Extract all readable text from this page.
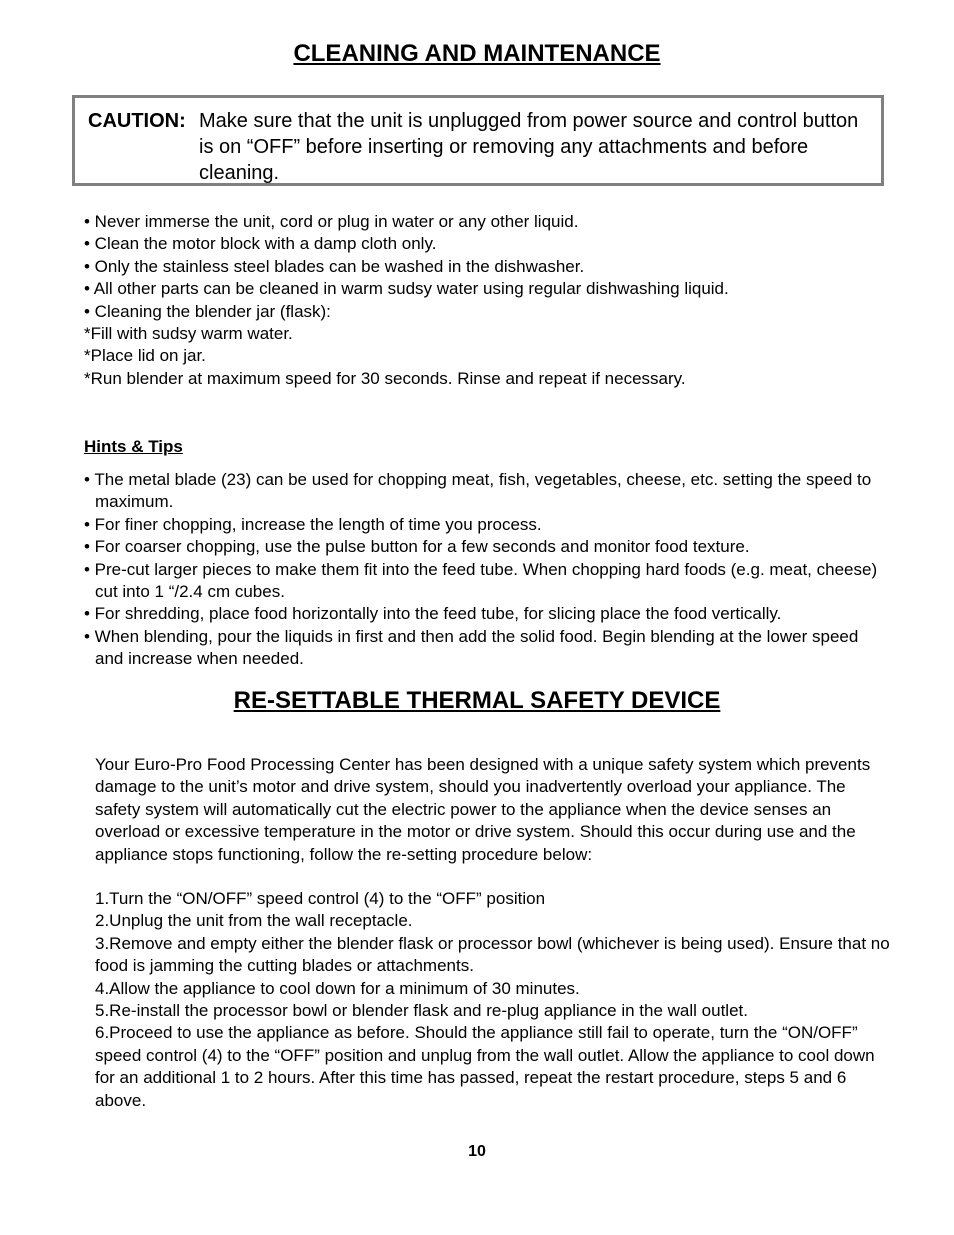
CLEANING AND MAINTENANCE
CAUTION: Make sure that the unit is unplugged from power source and control button is on “OFF” before inserting or removing any attachments and before cleaning.
• Never immerse the unit, cord or plug in water or any other liquid.
• Clean the motor block with a damp cloth only.
• Only the stainless steel blades can be washed in the dishwasher.
• All other parts can be cleaned in warm sudsy water using regular dishwashing liquid.
• Cleaning the blender jar (flask):
*Fill with sudsy warm water.
*Place lid on jar.
*Run blender at maximum speed for 30 seconds. Rinse and repeat if necessary.
Hints & Tips
• The metal blade (23) can be used for chopping meat, fish, vegetables, cheese, etc. setting the speed to maximum.
• For finer chopping, increase the length of time you process.
• For coarser chopping, use the pulse button for a few seconds and monitor food texture.
• Pre-cut larger pieces to make them fit into the feed tube. When chopping hard foods (e.g. meat, cheese) cut into 1 “/2.4 cm cubes.
• For shredding, place food horizontally into the feed tube, for slicing place the food vertically.
• When blending, pour the liquids in first and then add the solid food. Begin blending at the lower speed and increase when needed.
RE-SETTABLE THERMAL SAFETY DEVICE
Your Euro-Pro Food Processing Center has been designed with a unique safety system which prevents damage to the unit’s motor and drive system, should you inadvertently overload your appliance. The safety system will automatically cut the electric power to the appliance when the device senses an overload or excessive temperature in the motor or drive system. Should this occur during use and the appliance stops functioning, follow the re-setting procedure below:
1.Turn the “ON/OFF” speed control (4) to the “OFF” position
2.Unplug the unit from the wall receptacle.
3.Remove and empty either the blender flask or processor bowl (whichever is being used). Ensure that no food is jamming the cutting blades or attachments.
4.Allow the appliance to cool down for a minimum of 30 minutes.
5.Re-install the processor bowl or blender flask and re-plug appliance in the wall outlet.
6.Proceed to use the appliance as before. Should the appliance still fail to operate, turn the “ON/OFF” speed control (4) to the “OFF” position and unplug from the wall outlet. Allow the appliance to cool down for an additional 1 to 2 hours. After this time has passed, repeat the restart procedure, steps 5 and 6 above.
10
